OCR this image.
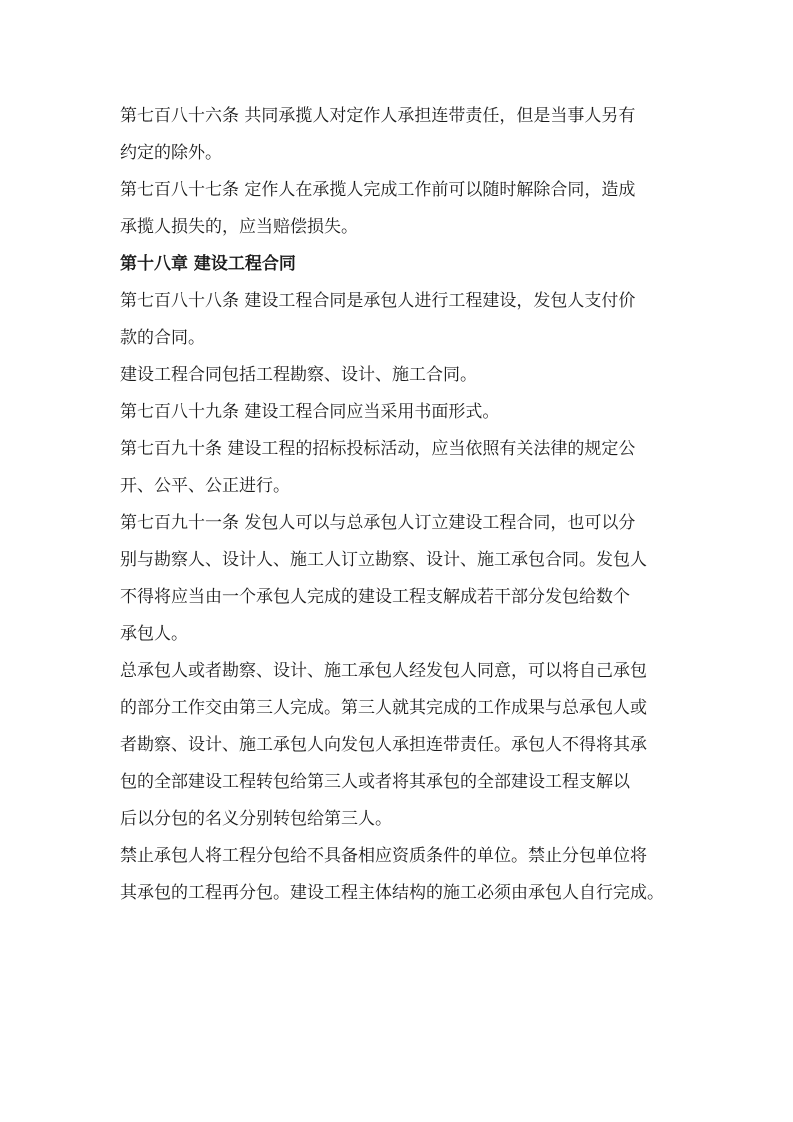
第七百八十六条 共同承揽人对定作人承担连带责任，但是当事人另有
约定的除外。
第七百八十七条 定作人在承揽人完成工作前可以随时解除合同，造成
承揽人损失的，应当赔偿损失。
第十八章 建设工程合同
第七百八十八条 建设工程合同是承包人进行工程建设，发包人支付价
款的合同。
建设工程合同包括工程勘察、设计、施工合同。
第七百八十九条 建设工程合同应当采用书面形式。
第七百九十条 建设工程的招标投标活动，应当依照有关法律的规定公
开、公平、公正进行。
第七百九十一条 发包人可以与总承包人订立建设工程合同，也可以分
别与勘察人、设计人、施工人订立勘察、设计、施工承包合同。发包人
不得将应当由一个承包人完成的建设工程支解成若干部分发包给数个
承包人。
总承包人或者勘察、设计、施工承包人经发包人同意，可以将自己承包
的部分工作交由第三人完成。第三人就其完成的工作成果与总承包人或
者勘察、设计、施工承包人向发包人承担连带责任。承包人不得将其承
包的全部建设工程转包给第三人或者将其承包的全部建设工程支解以
后以分包的名义分别转包给第三人。
禁止承包人将工程分包给不具备相应资质条件的单位。禁止分包单位将
其承包的工程再分包。建设工程主体结构的施工必须由承包人自行完成。
